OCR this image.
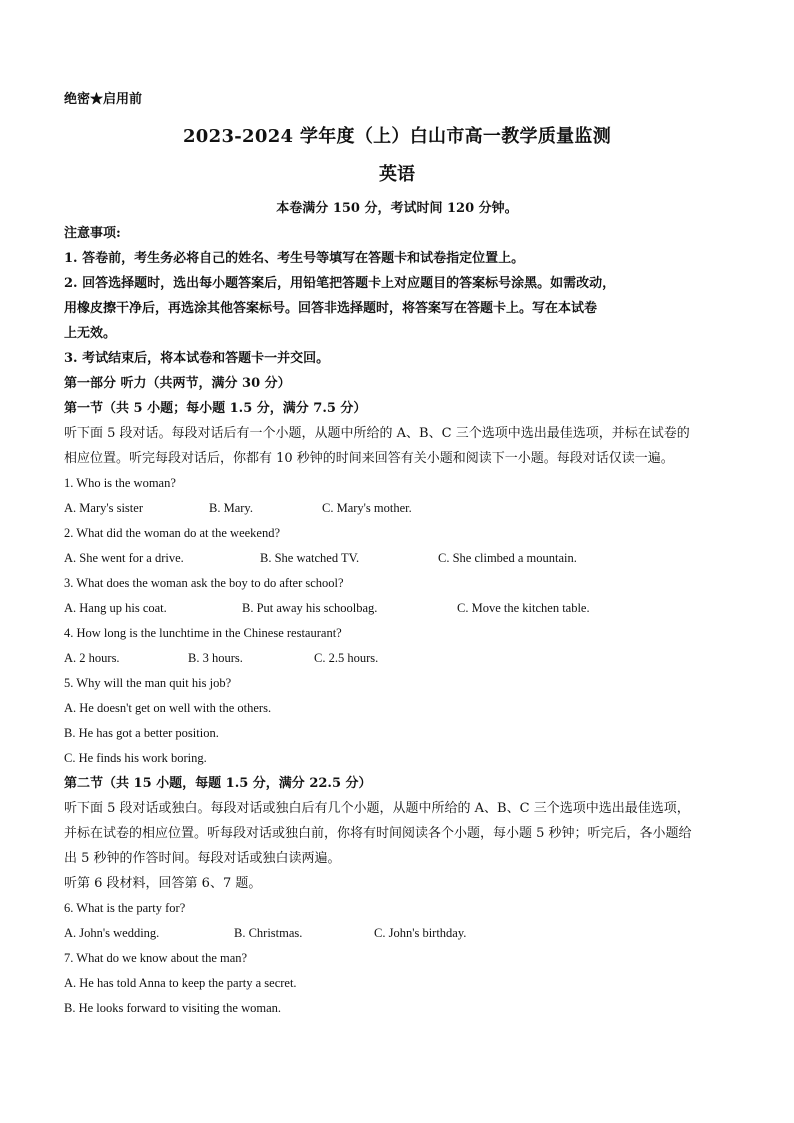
绝密★启用前
2023-2024 学年度（上）白山市高一教学质量监测
英语
本卷满分 150 分，考试时间 120 分钟。
注意事项:
1. 答卷前，考生务必将自己的姓名、考生号等填写在答题卡和试卷指定位置上。
2. 回答选择题时，选出每小题答案后，用铅笔把答题卡上对应题目的答案标号涂黑。如需改动，
用橡皮擦干净后，再选涂其他答案标号。回答非选择题时，将答案写在答题卡上。写在本试卷
上无效。
3. 考试结束后，将本试卷和答题卡一并交回。
第一部分 听力（共两节，满分 30 分）
第一节（共 5 小题；每小题 1.5 分，满分 7.5 分）
听下面 5 段对话。每段对话后有一个小题，从题中所给的 A、B、C 三个选项中选出最佳选项，并标在试卷的
相应位置。听完每段对话后，你都有 10 秒钟的时间来回答有关小题和阅读下一小题。每段对话仅读一遍。
1. Who is the woman?
A. Mary's sister	B. Mary.	C. Mary's mother.
2. What did the woman do at the weekend?
A. She went for a drive.	B. She watched TV.	C. She climbed a mountain.
3. What does the woman ask the boy to do after school?
A. Hang up his coat.	B. Put away his schoolbag.	C. Move the kitchen table.
4. How long is the lunchtime in the Chinese restaurant?
A. 2 hours.	B. 3 hours.	C. 2.5 hours.
5. Why will the man quit his job?
A. He doesn't get on well with the others.
B. He has got a better position.
C. He finds his work boring.
第二节（共 15 小题，每题 1.5 分，满分 22.5 分）
听下面 5 段对话或独白。每段对话或独白后有几个小题，从题中所给的 A、B、C 三个选项中选出最佳选项，
并标在试卷的相应位置。听每段对话或独白前，你将有时间阅读各个小题，每小题 5 秒钟；听完后，各小题给
出 5 秒钟的作答时间。每段对话或独白读两遍。
听第 6 段材料，回答第 6、7 题。
6. What is the party for?
A. John's wedding.	B. Christmas.	C. John's birthday.
7. What do we know about the man?
A. He has told Anna to keep the party a secret.
B. He looks forward to visiting the woman.
